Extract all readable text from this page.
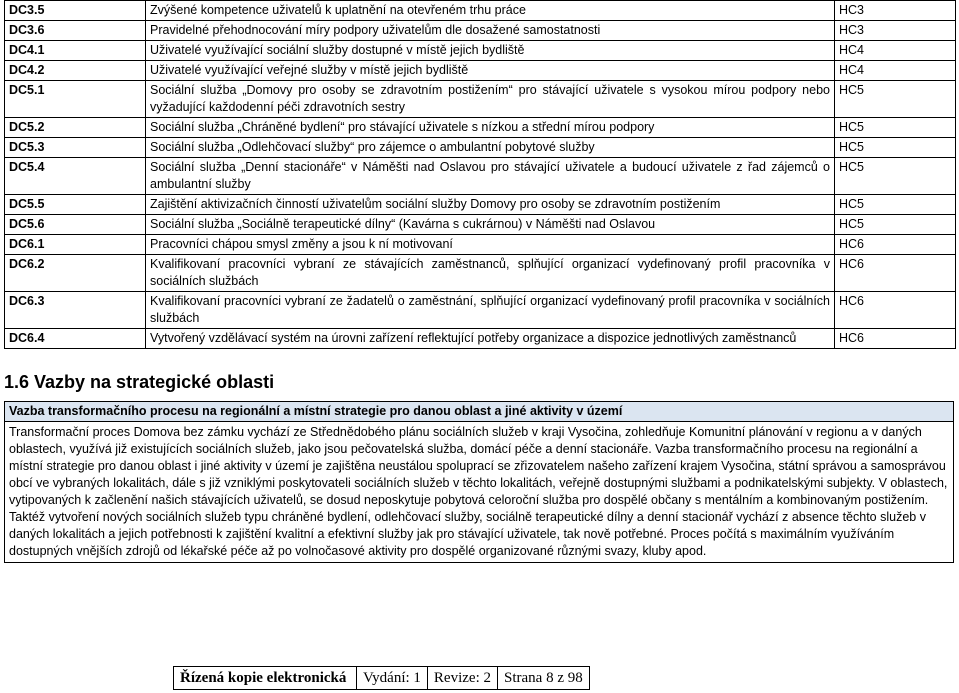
DC3.5	Zvýšené kompetence uživatelů k uplatnění na otevřeném trhu práce	HC3
DC3.6	Pravidelné přehodnocování míry podpory uživatelům dle dosažené samostatnosti	HC3
DC4.1	Uživatelé využívající sociální služby dostupné v místě jejich bydliště	HC4
DC4.2	Uživatelé využívající veřejné služby v místě jejich bydliště	HC4
DC5.1	Sociální služba „Domovy pro osoby se zdravotním postižením“ pro stávající uživatele s vysokou mírou podpory nebo vyžadující každodenní péči zdravotních sestry	HC5
DC5.2	Sociální služba „Chráněné bydlení“ pro stávající uživatele s nízkou a střední mírou podpory	HC5
DC5.3	Sociální služba „Odlehčovací služby“ pro zájemce o ambulantní pobytové služby	HC5
DC5.4	Sociální služba „Denní stacionáře“ v Náměšti nad Oslavou pro stávající uživatele a budoucí uživatele z řad zájemců o ambulantní služby	HC5
DC5.5	Zajištění aktivizačních činností uživatelům sociální služby Domovy pro osoby se zdravotním postižením	HC5
DC5.6	Sociální služba „Sociálně terapeutické dílny“ (Kavárna s cukrárnou) v Náměšti nad Oslavou	HC5
DC6.1	Pracovníci chápou smysl změny a jsou k ní motivovaní	HC6
DC6.2	Kvalifikovaní pracovníci vybraní ze stávajících zaměstnanců, splňující organizací vydefinovaný profil pracovníka v sociálních službách	HC6
DC6.3	Kvalifikovaní pracovníci vybraní ze žadatelů o zaměstnání, splňující organizací vydefinovaný profil pracovníka v sociálních službách	HC6
DC6.4	Vytvořený vzdělávací systém na úrovni zařízení reflektující potřeby organizace a dispozice jednotlivých zaměstnanců	HC6
1.6 Vazby na strategické oblasti
Vazba transformačního procesu na regionální a místní strategie pro danou oblast a jiné aktivity v území
Transformační proces Domova bez zámku vychází ze Střednědobého plánu sociálních služeb v kraji Vysočina, zohledňuje Komunitní plánování v regionu a v daných oblastech, využívá již existujících sociálních služeb, jako jsou pečovatelská služba, domácí péče a denní stacionáře. Vazba transformačního procesu na regionální a místní strategie pro danou oblast i jiné aktivity v území je zajištěna neustálou spoluprací se zřizovatelem našeho zařízení krajem Vysočina, státní správou a samosprávou obcí ve vybraných lokalitách, dále s již vzniklými poskytovateli sociálních služeb v těchto lokalitách, veřejně dostupnými službami a podnikatelskými subjekty. V oblastech, vytipovaných k začlenění našich stávajících uživatelů, se dosud neposkytuje pobytová celoroční služba pro dospělé občany s mentálním a kombinovaným postižením. Taktéž vytvoření nových sociálních služeb typu chráněné bydlení, odlehčovací služby, sociálně terapeutické dílny a denní stacionář vychází z absence těchto služeb v daných lokalitách a jejich potřebnosti k zajištění kvalitní a efektivní služby jak pro stávající uživatele, tak nově potřebné. Proces počítá s maximálním využíváním dostupných vnějších zdrojů od lékařské péče až po volnočasové aktivity pro dospělé organizované různými svazy, kluby apod.
Řízená kopie elektronická	Vydání: 1	Revize: 2	Strana 8 z 98
